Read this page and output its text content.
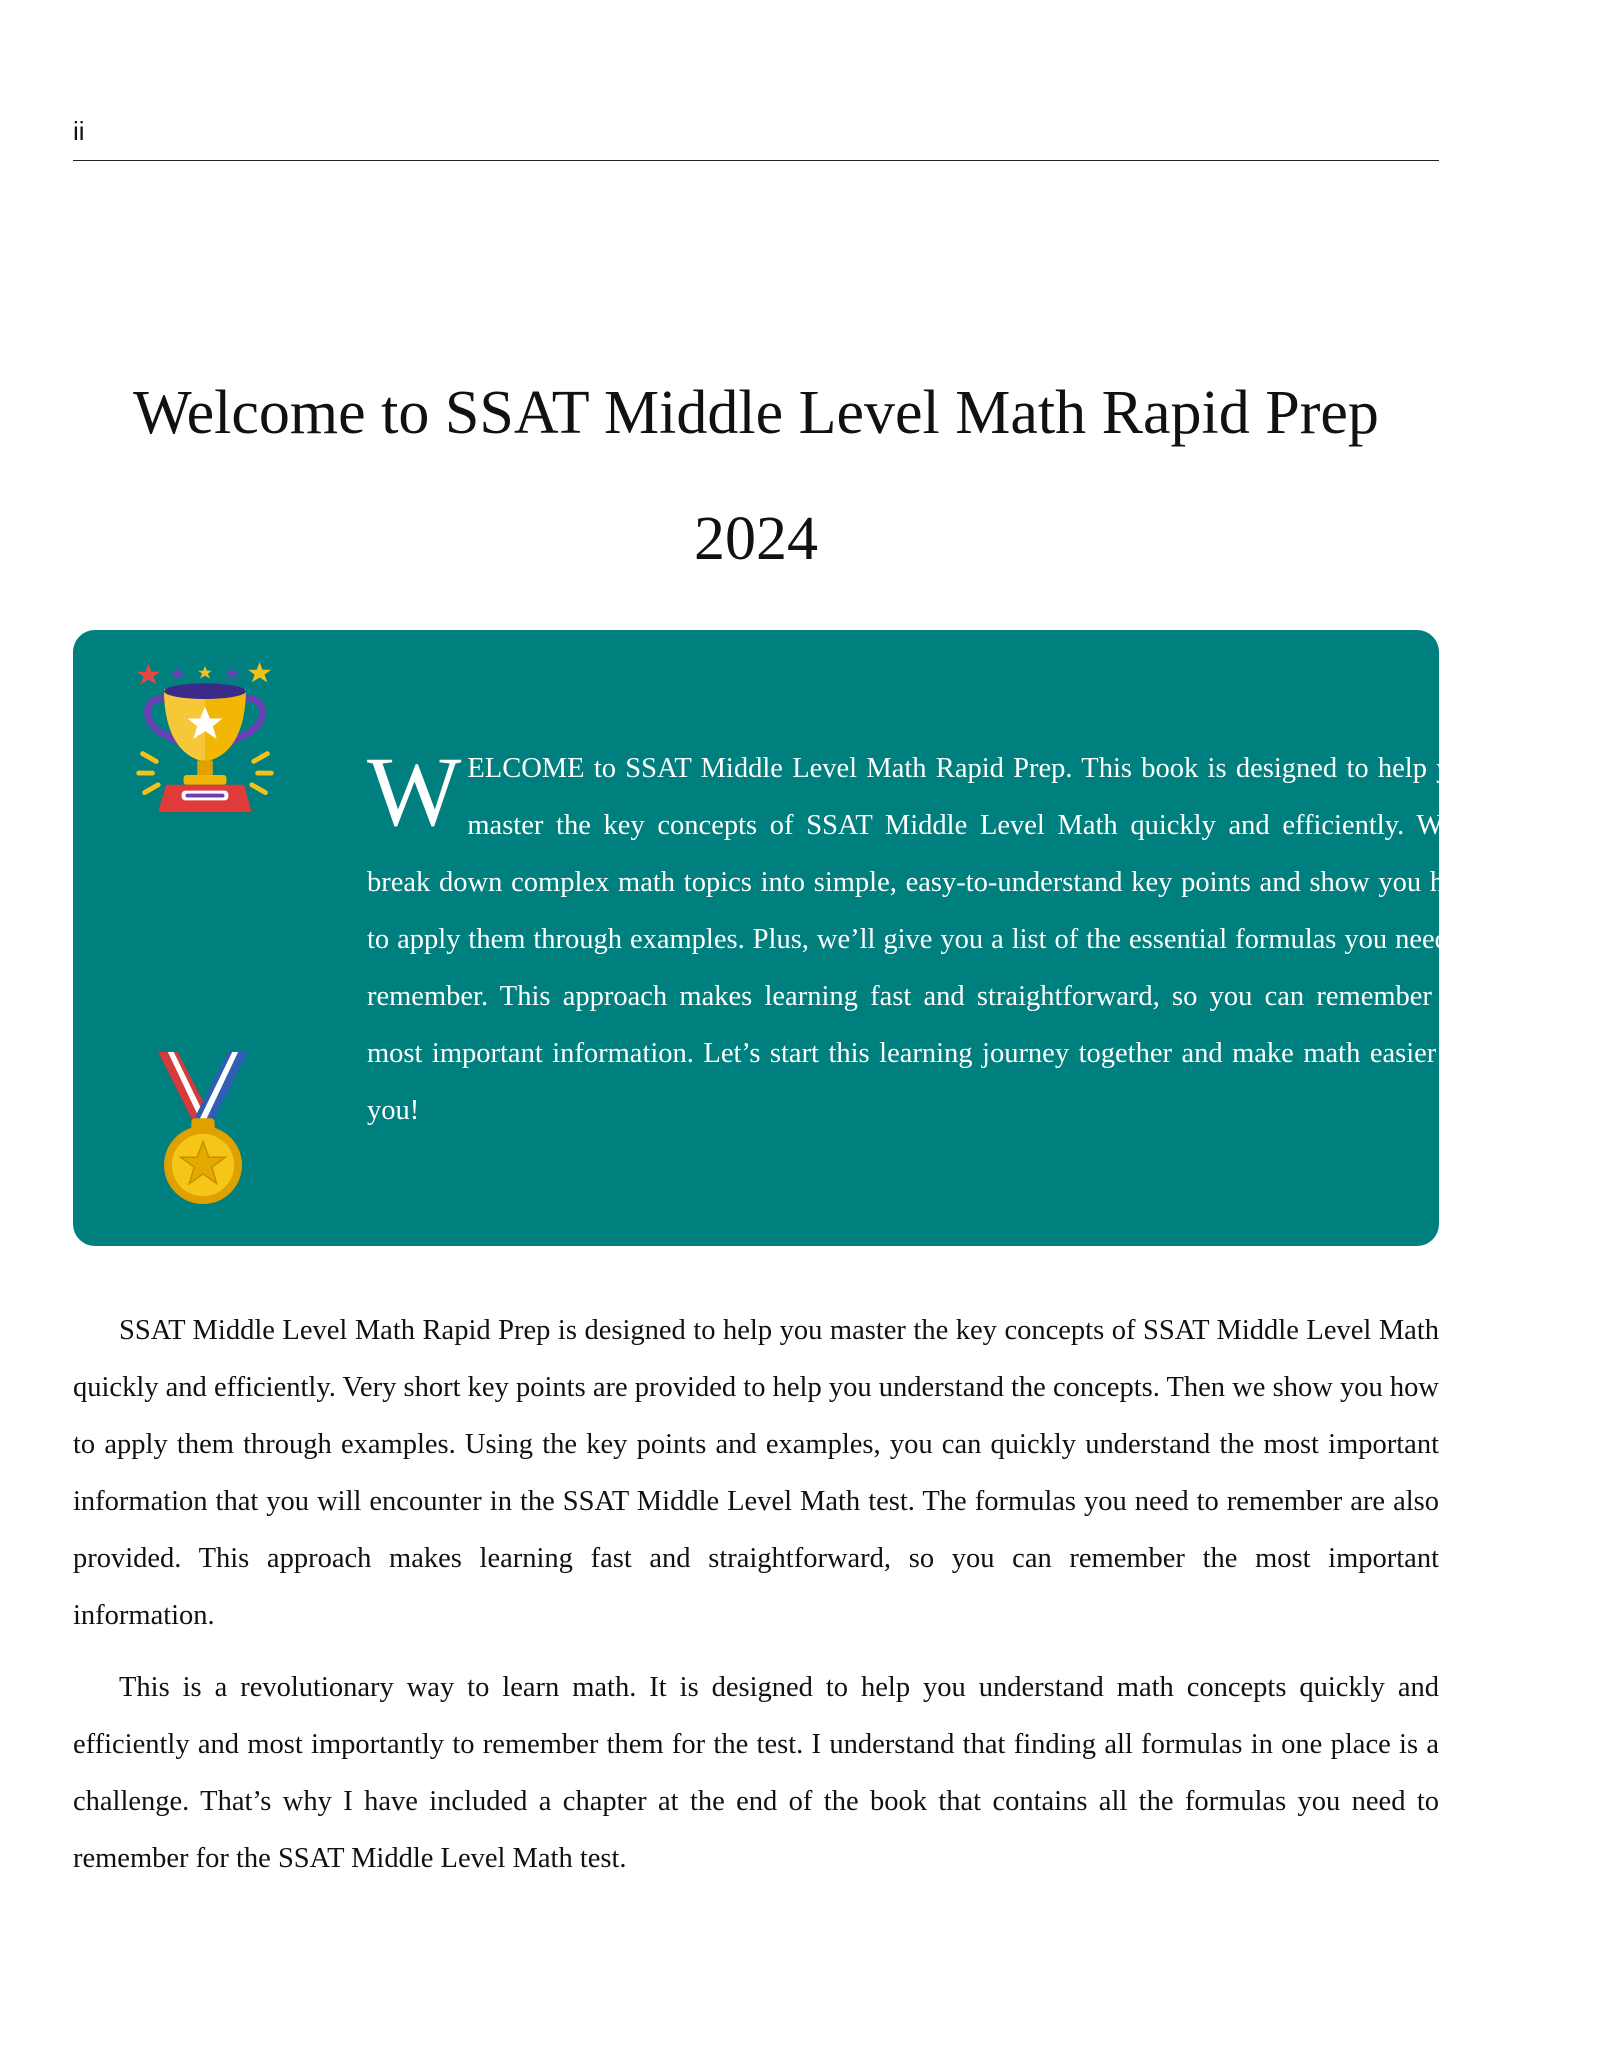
ii
Welcome to SSAT Middle Level Math Rapid Prep
2024

WELCOME to SSAT Middle Level Math Rapid Prep. This book is designed to help you master the key concepts of SSAT Middle Level Math quickly and efficiently. We’ll break down complex math topics into simple, easy-to-understand key points and show you how to apply them through examples. Plus, we’ll give you a list of the essential formulas you need to remember. This approach makes learning fast and straightforward, so you can remember the most important information. Let’s start this learning journey together and make math easier for you!

SSAT Middle Level Math Rapid Prep is designed to help you master the key concepts of SSAT Middle Level Math quickly and efficiently. Very short key points are provided to help you understand the concepts. Then we show you how to apply them through examples. Using the key points and examples, you can quickly understand the most important information that you will encounter in the SSAT Middle Level Math test. The formulas you need to remember are also provided. This approach makes learning fast and straightforward, so you can remember the most important information.

This is a revolutionary way to learn math. It is designed to help you understand math concepts quickly and efficiently and most importantly to remember them for the test. I understand that finding all formulas in one place is a challenge. That’s why I have included a chapter at the end of the book that contains all the formulas you need to remember for the SSAT Middle Level Math test.
